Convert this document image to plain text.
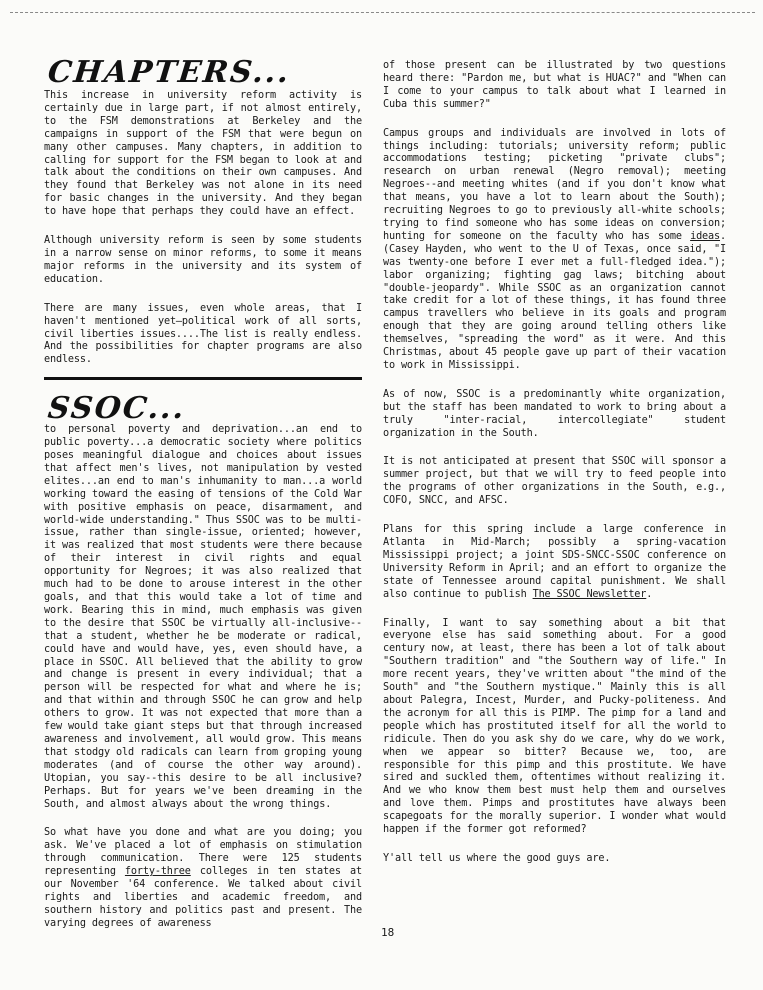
CHAPTERS...

This increase in university reform activity is certainly due in large part, if not almost entirely, to the FSM demonstrations at Berkeley and the campaigns in support of the FSM that were begun on many other campuses. Many chapters, in addition to calling for support for the FSM began to look at and talk about the conditions on their own campuses. And they found that Berkeley was not alone in its need for basic changes in the university. And they began to have hope that perhaps they could have an effect.

Although university reform is seen by some students in a narrow sense on minor reforms, to some it means major reforms in the university and its system of education.

There are many issues, even whole areas, that I haven't mentioned yet—political work of all sorts, civil liberties issues....The list is really endless. And the possibilities for chapter programs are also endless.

SSOC...

to personal poverty and deprivation...an end to public poverty...a democratic society where politics poses meaningful dialogue and choices about issues that affect men's lives, not manipulation by vested elites...an end to man's inhumanity to man...a world working toward the easing of tensions of the Cold War with positive emphasis on peace, disarmament, and world-wide understanding." Thus SSOC was to be multi-issue, rather than single-issue, oriented; however, it was realized that most students were there because of their interest in civil rights and equal opportunity for Negroes; it was also realized that much had to be done to arouse interest in the other goals, and that this would take a lot of time and work. Bearing this in mind, much emphasis was given to the desire that SSOC be virtually all-inclusive--that a student, whether he be moderate or radical, could have and would have, yes, even should have, a place in SSOC. All believed that the ability to grow and change is present in every individual; that a person will be respected for what and where he is; and that within and through SSOC he can grow and help others to grow. It was not expected that more than a few would take giant steps but that through increased awareness and involvement, all would grow. This means that stodgy old radicals can learn from groping young moderates (and of course the other way around). Utopian, you say--this desire to be all inclusive? Perhaps. But for years we've been dreaming in the South, and almost always about the wrong things.

So what have you done and what are you doing; you ask. We've placed a lot of emphasis on stimulation through communication. There were 125 students representing forty-three colleges in ten states at our November '64 conference. We talked about civil rights and liberties and academic freedom, and southern history and politics past and present. The varying degrees of awareness

of those present can be illustrated by two questions heard there: "Pardon me, but what is HUAC?" and "When can I come to your campus to talk about what I learned in Cuba this summer?"

Campus groups and individuals are involved in lots of things including: tutorials; university reform; public accommodations testing; picketing "private clubs"; research on urban renewal (Negro removal); meeting Negroes--and meeting whites (and if you don't know what that means, you have a lot to learn about the South); recruiting Negroes to go to previously all-white schools; trying to find someone who has some ideas on conversion; hunting for someone on the faculty who has some ideas. (Casey Hayden, who went to the U of Texas, once said, "I was twenty-one before I ever met a full-fledged idea."); labor organizing; fighting gag laws; bitching about "double-jeopardy". While SSOC as an organization cannot take credit for a lot of these things, it has found three campus travellers who believe in its goals and program enough that they are going around telling others like themselves, "spreading the word" as it were. And this Christmas, about 45 people gave up part of their vacation to work in Mississippi.

As of now, SSOC is a predominantly white organization, but the staff has been mandated to work to bring about a truly "inter-racial, intercollegiate" student organization in the South.

It is not anticipated at present that SSOC will sponsor a summer project, but that we will try to feed people into the programs of other organizations in the South, e.g., COFO, SNCC, and AFSC.

Plans for this spring include a large conference in Atlanta in Mid-March; possibly a spring-vacation Mississippi project; a joint SDS-SNCC-SSOC conference on University Reform in April; and an effort to organize the state of Tennessee around capital punishment. We shall also continue to publish The SSOC Newsletter.

Finally, I want to say something about a bit that everyone else has said something about. For a good century now, at least, there has been a lot of talk about "Southern tradition" and "the Southern way of life." In more recent years, they've written about "the mind of the South" and "the Southern mystique." Mainly this is all about Palegra, Incest, Murder, and Pucky-politeness. And the acronym for all this is PIMP. The pimp for a land and people which has prostituted itself for all the world to ridicule. Then do you ask shy do we care, why do we work, when we appear so bitter? Because we, too, are responsible for this pimp and this prostitute. We have sired and suckled them, oftentimes without realizing it. And we who know them best must help them and ourselves and love them. Pimps and prostitutes have always been scapegoats for the morally superior. I wonder what would happen if the former got reformed?

Y'all tell us where the good guys are.

18
